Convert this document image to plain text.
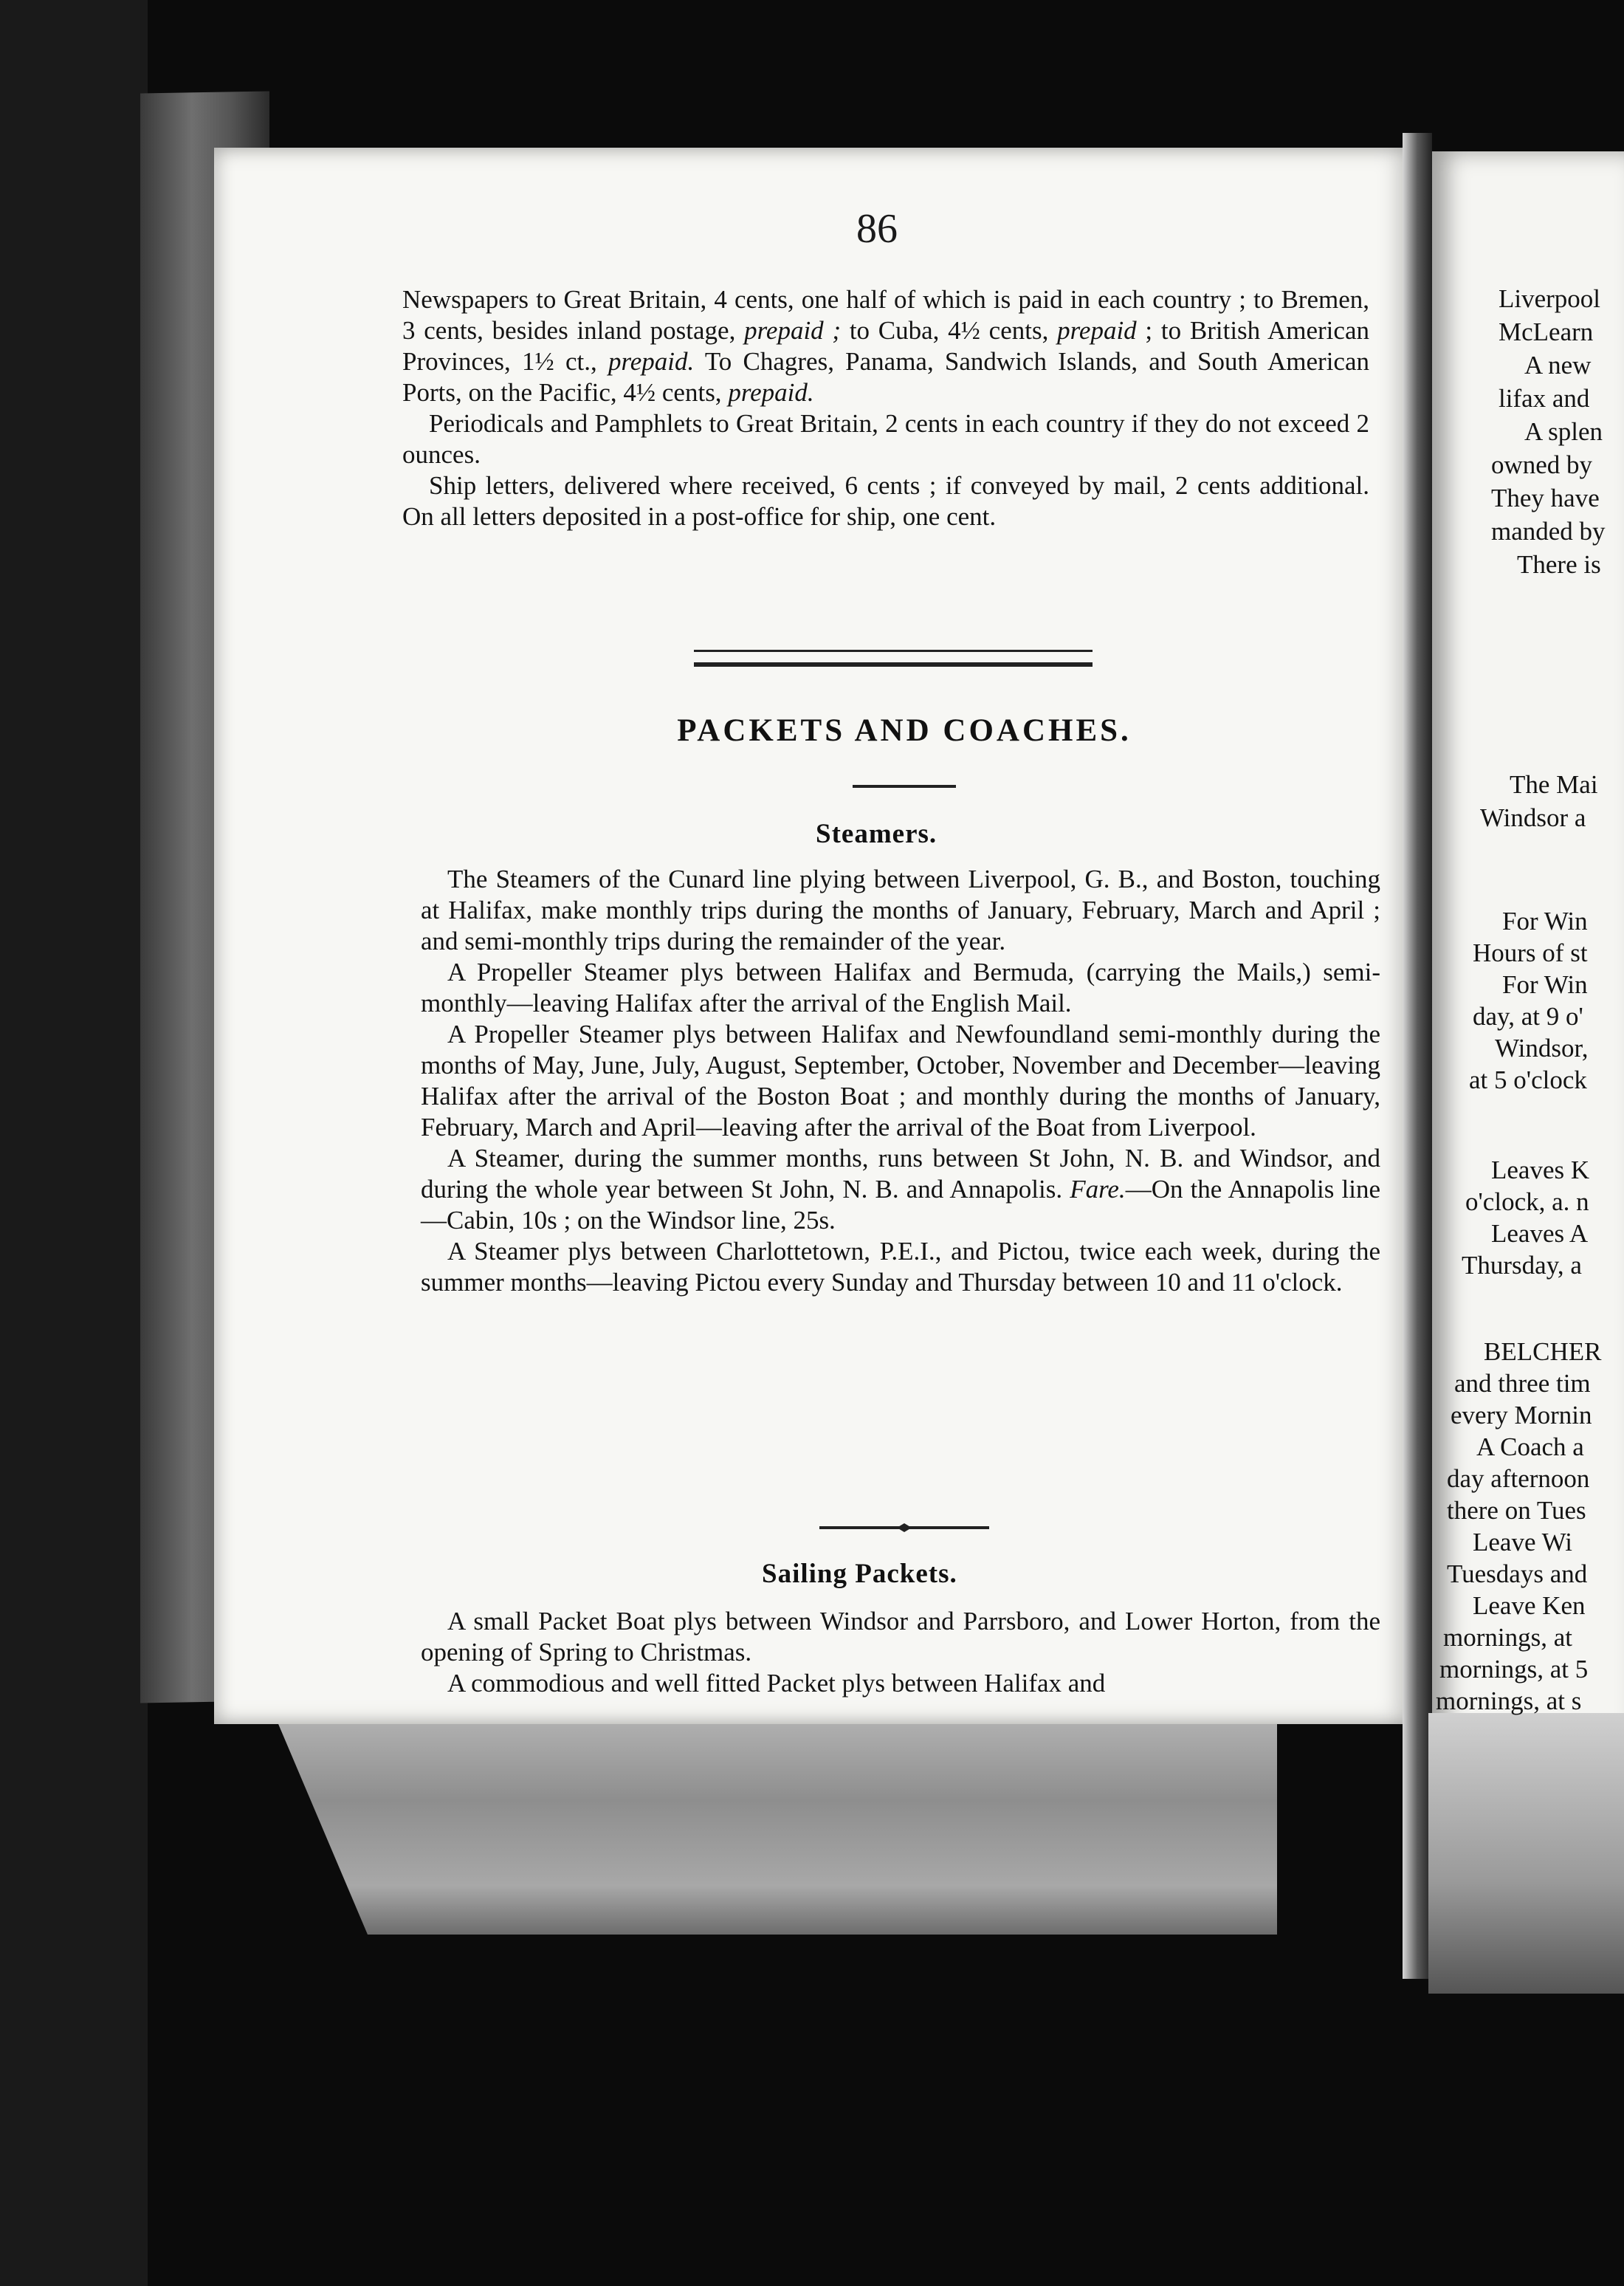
86

Newspapers to Great Britain, 4 cents, one half of which is paid in each country ; to Bremen, 3 cents, besides inland postage, prepaid ; to Cuba, 4½ cents, prepaid ; to British American Provinces, 1½ ct., prepaid. To Chagres, Panama, Sandwich Islands, and South American Ports, on the Pacific, 4½ cents, prepaid.

Periodicals and Pamphlets to Great Britain, 2 cents in each country if they do not exceed 2 ounces.

Ship letters, delivered where received, 6 cents ; if conveyed by mail, 2 cents additional. On all letters deposited in a post-office for ship, one cent.

PACKETS AND COACHES.
Steamers.

The Steamers of the Cunard line plying between Liverpool, G. B., and Boston, touching at Halifax, make monthly trips during the months of January, February, March and April ; and semi-monthly trips during the remainder of the year.

A Propeller Steamer plys between Halifax and Bermuda, (carrying the Mails,) semi-monthly—leaving Halifax after the arrival of the English Mail.

A Propeller Steamer plys between Halifax and Newfoundland semi-monthly during the months of May, June, July, August, September, October, November and December—leaving Halifax after the arrival of the Boston Boat ; and monthly during the months of January, February, March and April—leaving after the arrival of the Boat from Liverpool.

A Steamer, during the summer months, runs between St John, N. B. and Windsor, and during the whole year between St John, N. B. and Annapolis. Fare.—On the Annapolis line—Cabin, 10s ; on the Windsor line, 25s.

A Steamer plys between Charlottetown, P.E.I., and Pictou, twice each week, during the summer months—leaving Pictou every Sunday and Thursday between 10 and 11 o'clock.

Sailing Packets.

A small Packet Boat plys between Windsor and Parrsboro, and Lower Horton, from the opening of Spring to Christmas.

A commodious and well fitted Packet plys between Halifax and

Liverpool
McLearn
A new
lifax and
A splen
owned by
They have
manded by
There is
The Mai
Windsor a
For Win
Hours of st
For Win
day, at 9 o'
Windsor,
at 5 o'clock
Leaves K
o'clock, a. n
Leaves A
Thursday, a
BELCHER
and three tim
every Mornin
A Coach a
day afternoon
there on Tues
Leave Wi
Tuesdays and
Leave Ken
mornings, at
mornings, at 5
mornings, at s
